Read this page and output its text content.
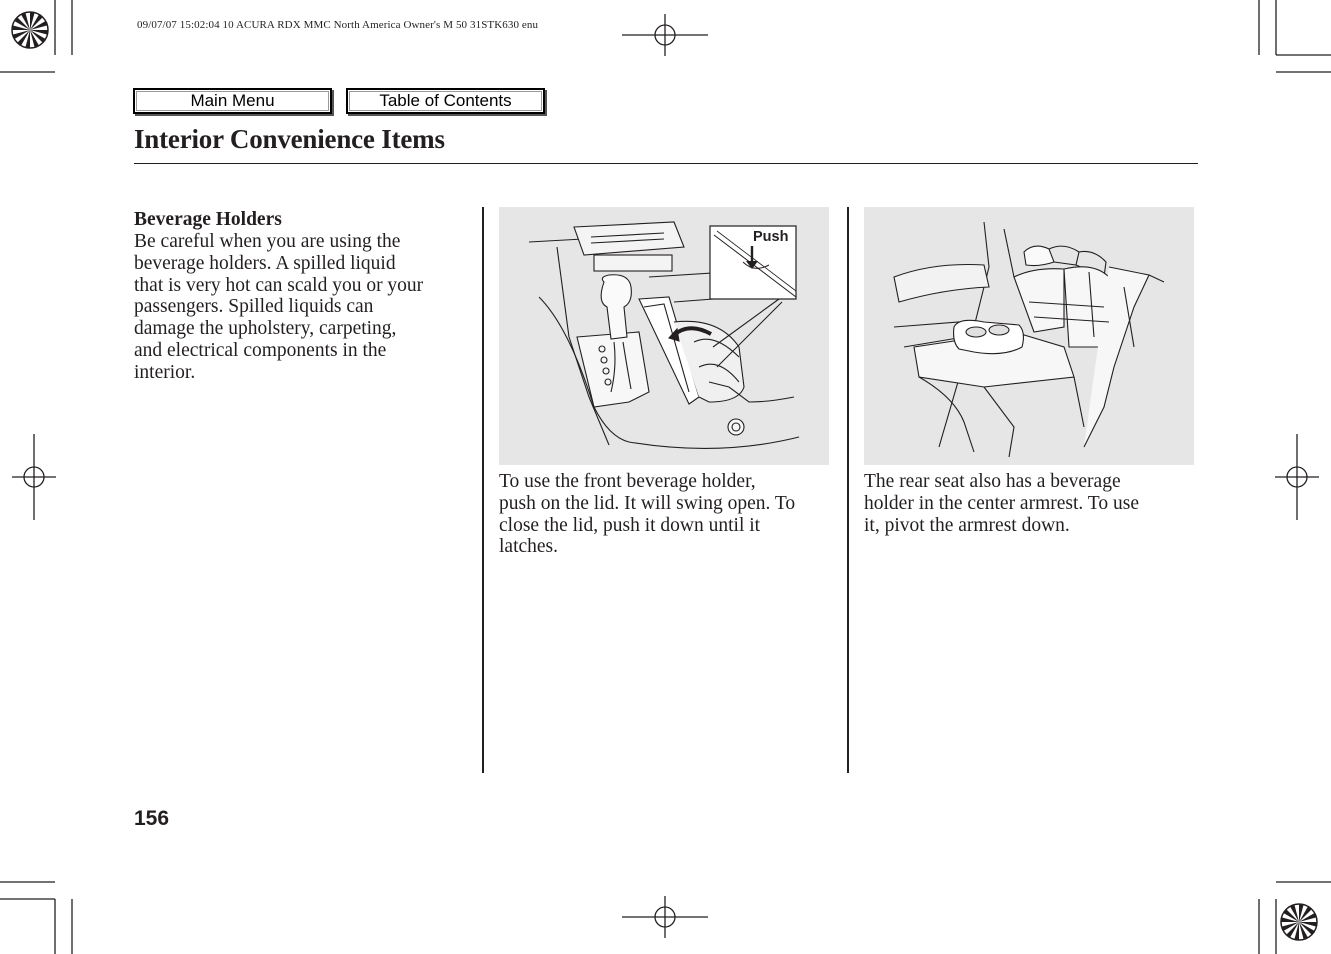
09/07/07 15:02:04 10 ACURA RDX MMC North America Owner's M 50 31STK630 enu
Main Menu	Table of Contents
Interior Convenience Items
Beverage Holders
Be careful when you are using the
beverage holders. A spilled liquid
that is very hot can scald you or your
passengers. Spilled liquids can
damage the upholstery, carpeting,
and electrical components in the
interior.
Push
To use the front beverage holder,
push on the lid. It will swing open. To
close the lid, push it down until it
latches.
The rear seat also has a beverage
holder in the center armrest. To use
it, pivot the armrest down.
156
